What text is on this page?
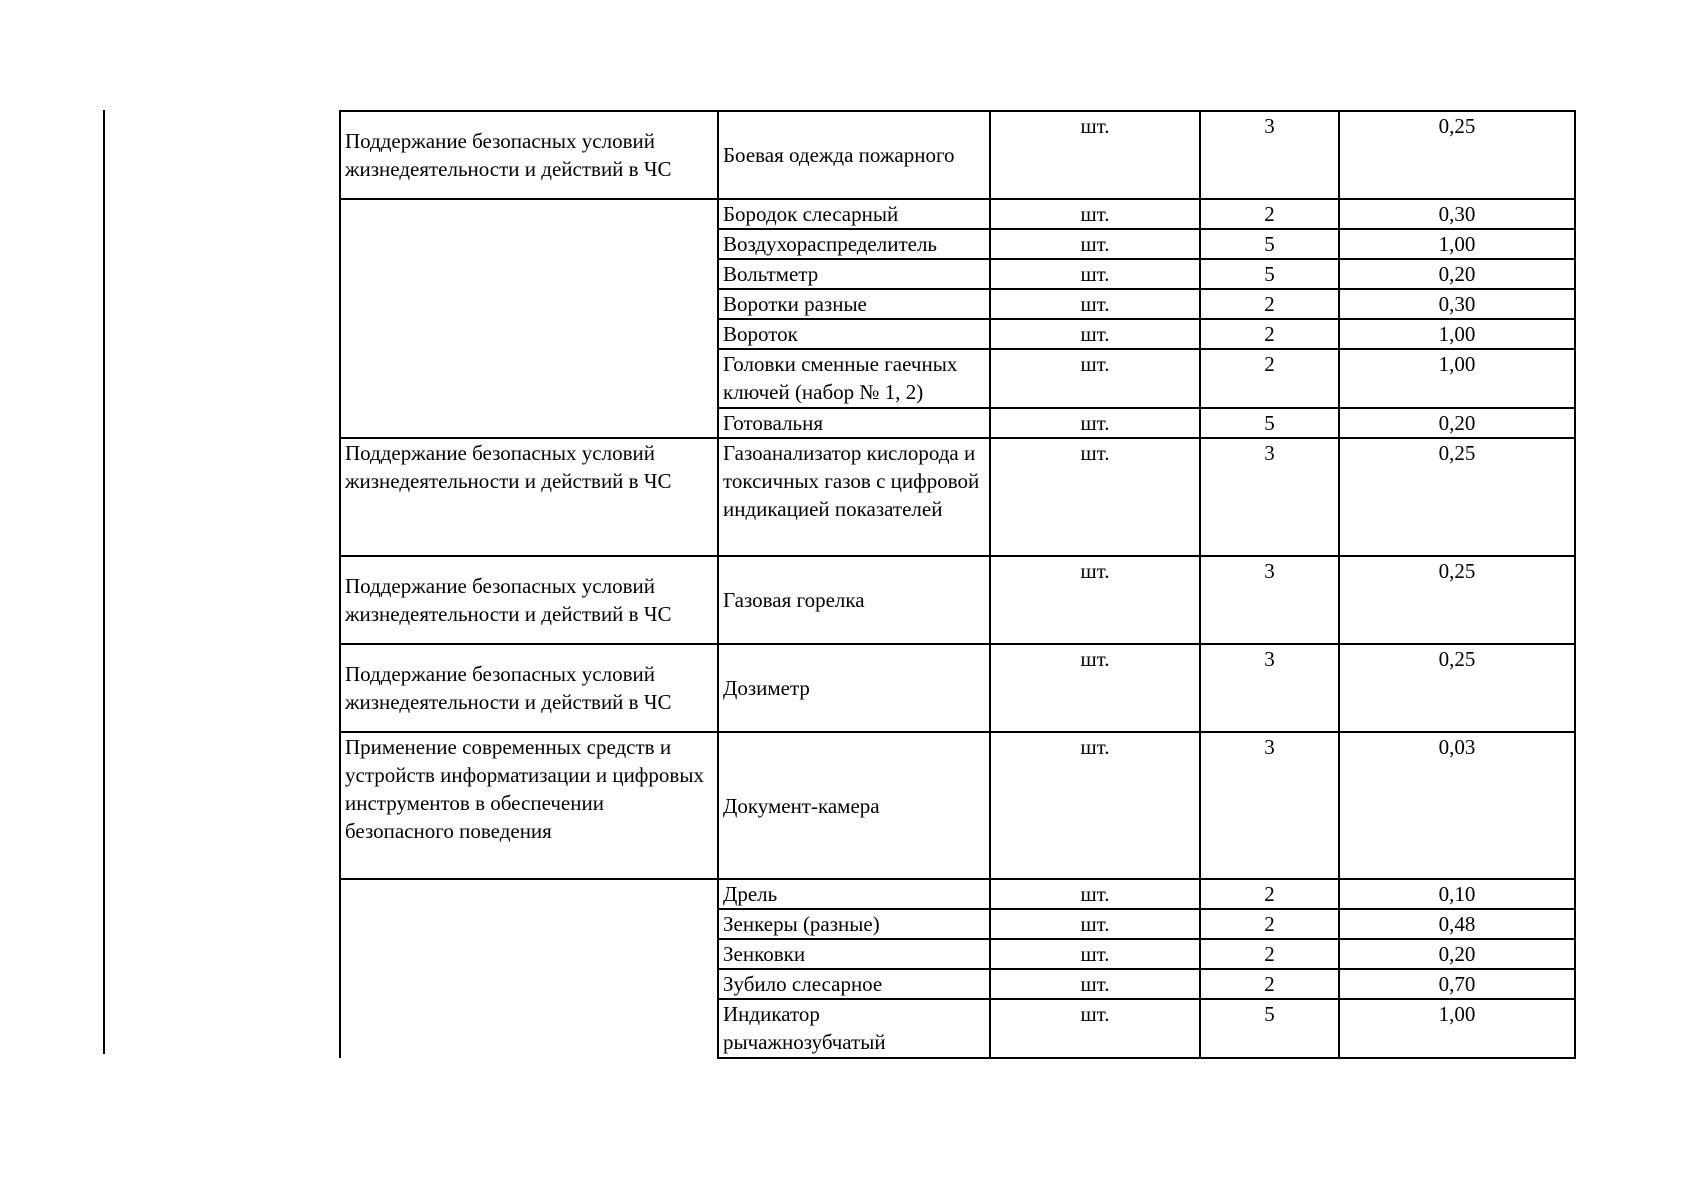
Поддержание безопасных условий жизнедеятельности и действий в ЧС	Боевая одежда пожарного	шт.	3	0,25
	Бородок слесарный	шт.	2	0,30
	Воздухораспределитель	шт.	5	1,00
	Вольтметр	шт.	5	0,20
	Воротки разные	шт.	2	0,30
	Вороток	шт.	2	1,00
	Головки сменные гаечных ключей (набор № 1, 2)	шт.	2	1,00
	Готовальня	шт.	5	0,20
Поддержание безопасных условий жизнедеятельности и действий в ЧС	Газоанализатор кислорода и токсичных газов с цифровой индикацией показателей	шт.	3	0,25
Поддержание безопасных условий жизнедеятельности и действий в ЧС	Газовая горелка	шт.	3	0,25
Поддержание безопасных условий жизнедеятельности и действий в ЧС	Дозиметр	шт.	3	0,25
Применение современных средств и устройств информатизации и цифровых инструментов в обеспечении безопасного поведения	Документ-камера	шт.	3	0,03
	Дрель	шт.	2	0,10
	Зенкеры (разные)	шт.	2	0,48
	Зенковки	шт.	2	0,20
	Зубило слесарное	шт.	2	0,70
	Индикатор рычажнозубчатый	шт.	5	1,00
